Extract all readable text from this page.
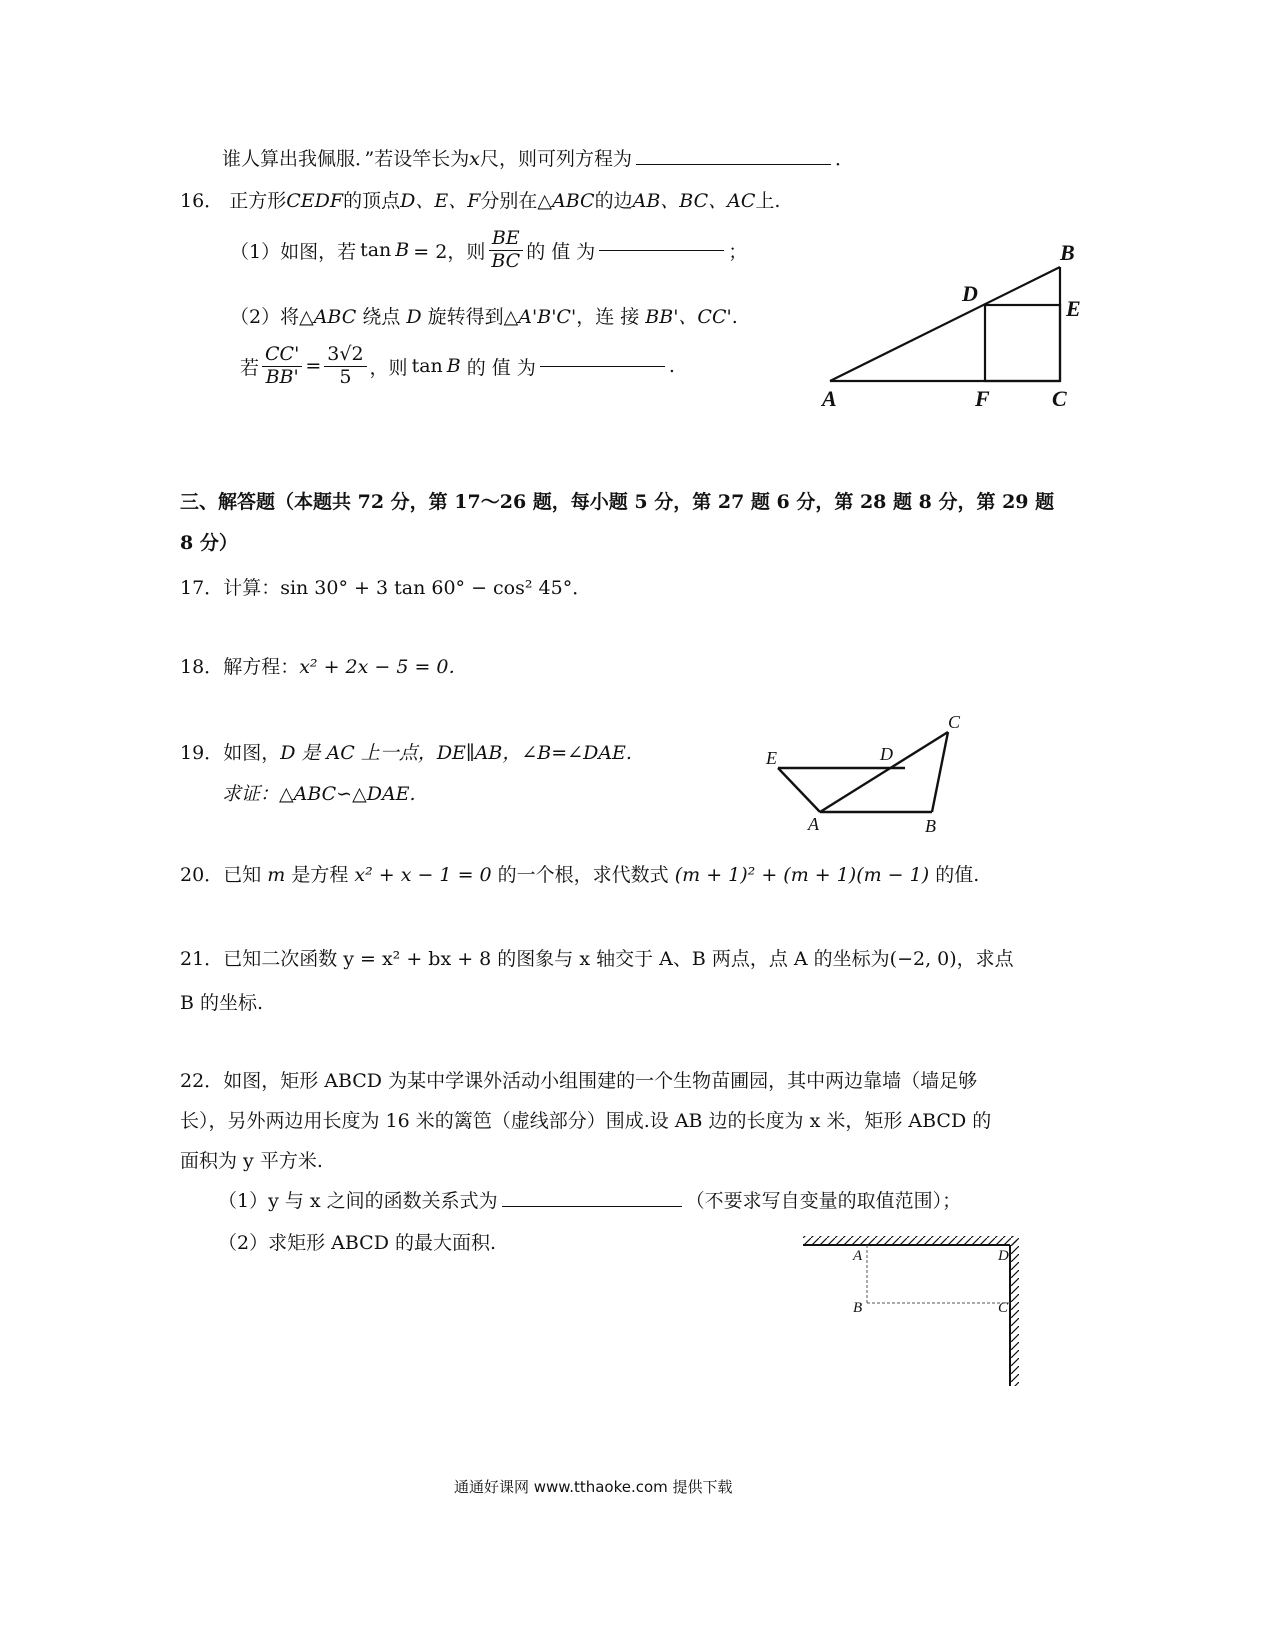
谁人算出我佩服．”若设竿长为x尺，则可列方程为	．
16． 正方形CEDF的顶点D、E、F分别在△ABC的边AB、BC、AC上.
（1）如图，若 tan B = 2，则 $\frac{BE}{BC}$ 的 值 为	；
（2）将△ABC 绕点 D 旋转得到△A'B'C'，连 接 BB'、CC'.
若 $\frac{CC'}{BB'} = \frac{3√2}{5}$ ，则 tan B 的 值 为	.
A
B
C
D
E
F
三、解答题（本题共 72 分，第 17～26 题，每小题 5 分，第 27 题 6 分，第 28 题 8 分，第 29 题
8 分）
17．计算：sin 30° + 3 tan 60° − cos² 45°．
18．解方程：x² + 2x − 5 = 0．
19．如图，D 是 AC 上一点，DE∥AB，∠B=∠DAE.
求证：△ABC∽△DAE.
E	D
C
A	B
20．已知 m 是方程 x² + x − 1 = 0 的一个根，求代数式 (m + 1)² + (m + 1)(m − 1) 的值.
21．已知二次函数 y = x² + bx + 8 的图象与 x 轴交于 A、B 两点，点 A 的坐标为(−2, 0)，求点
B 的坐标.
22．如图，矩形 ABCD 为某中学课外活动小组围建的一个生物苗圃园，其中两边靠墙（墙足够
长），另外两边用长度为 16 米的篱笆（虚线部分）围成.设 AB 边的长度为 x 米，矩形 ABCD 的
面积为 y 平方米.
（1）y 与 x 之间的函数关系式为	（不要求写自变量的取值范围）；
（2）求矩形 ABCD 的最大面积.
A
B	C
D
通通好课网 www.tthaoke.com 提供下载
